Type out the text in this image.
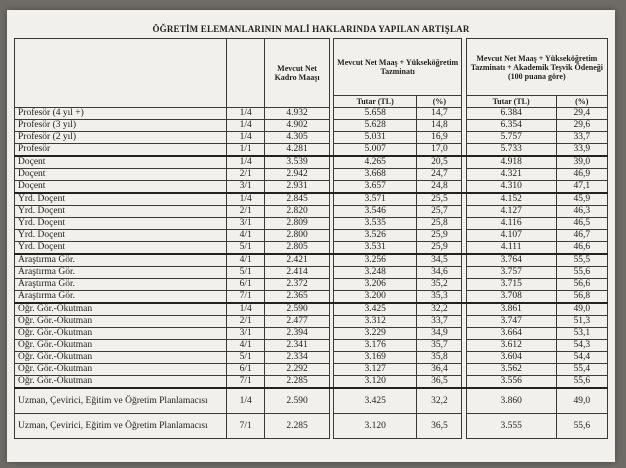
ÖĞRETİM ELEMANLARININ MALİ HAKLARINDA YAPILAN ARTIŞLAR
		Mevcut Net Kadro Maaşı		Mevcut Net Maaş + Yükseköğretim Tazminatı			Mevcut Net Maaş + Yükseköğretim Tazminatı + Akademik Teşvik Ödeneği (100 puana göre)	
				Tutar (TL)	(%)		Tutar (TL)	(%)
Profesör (4 yıl +)	1/4	4.932		5.658	14,7		6.384	29,4
Profesör (3 yıl)	1/4	4.902		5.628	14,8		6.354	29,6
Profesör (2 yıl)	1/4	4.305		5.031	16,9		5.757	33,7
Profesör	1/1	4.281		5.007	17,0		5.733	33,9
Doçent	1/4	3.539		4.265	20,5		4.918	39,0
Doçent	2/1	2.942		3.668	24,7		4.321	46,9
Doçent	3/1	2.931		3.657	24,8		4.310	47,1
Yrd. Doçent	1/4	2.845		3.571	25,5		4.152	45,9
Yrd. Doçent	2/1	2.820		3.546	25,7		4.127	46,3
Yrd. Doçent	3/1	2.809		3.535	25,8		4.116	46,5
Yrd. Doçent	4/1	2.800		3.526	25,9		4.107	46,7
Yrd. Doçent	5/1	2.805		3.531	25,9		4.111	46,6
Araştırma Gör.	4/1	2.421		3.256	34,5		3.764	55,5
Araştırma Gör.	5/1	2.414		3.248	34,6		3.757	55,6
Araştırma Gör.	6/1	2.372		3.206	35,2		3.715	56,6
Araştırma Gör.	7/1	2.365		3.200	35,3		3.708	56,8
Öğr. Gör.-Okutman	1/4	2.590		3.425	32,2		3.861	49,0
Öğr. Gör.-Okutman	2/1	2.477		3.312	33,7		3.747	51,3
Öğr. Gör.-Okutman	3/1	2.394		3.229	34,9		3.664	53,1
Öğr. Gör.-Okutman	4/1	2.341		3.176	35,7		3.612	54,3
Öğr. Gör.-Okutman	5/1	2.334		3.169	35,8		3.604	54,4
Öğr. Gör.-Okutman	6/1	2.292		3.127	36,4		3.562	55,4
Öğr. Gör.-Okutman	7/1	2.285		3.120	36,5		3.556	55,6
Uzman, Çevirici, Eğitim ve Öğretim Planlamacısı	1/4	2.590		3.425	32,2		3.860	49,0
Uzman, Çevirici, Eğitim ve Öğretim Planlamacısı	7/1	2.285		3.120	36,5		3.555	55,6
